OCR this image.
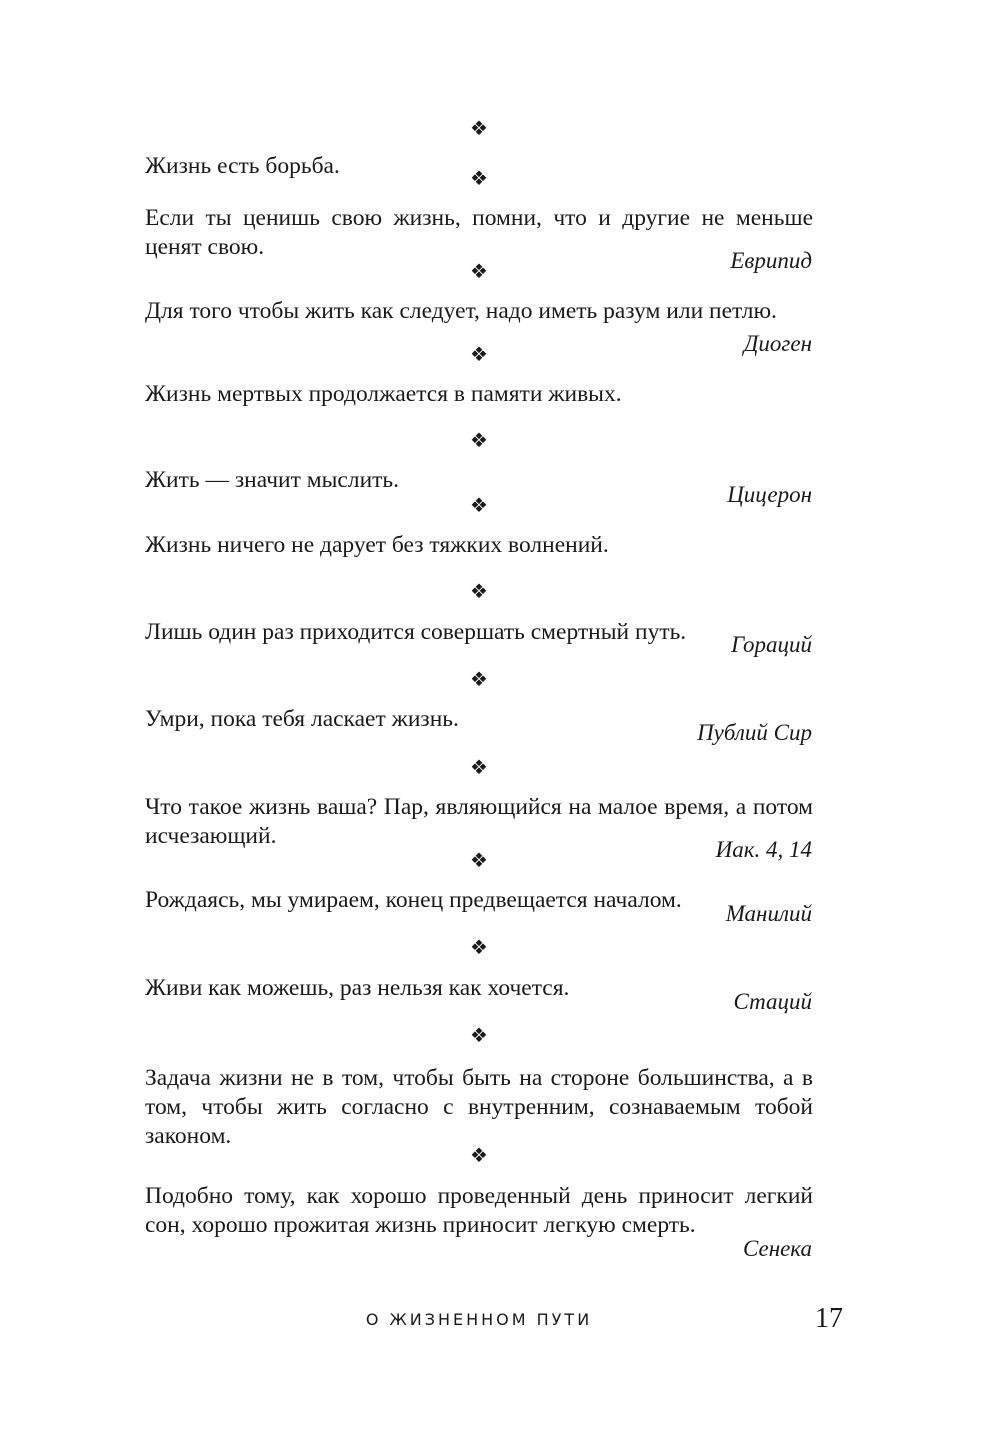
❖
❖
❖
❖
❖
❖
❖
❖
❖
❖
❖
❖
❖

Жизнь есть борьба.

Если ты ценишь свою жизнь, помни, что и другие не меньше ценят свою.

Еврипид

Для того чтобы жить как следует, надо иметь разум или петлю.

Диоген

Жизнь мертвых продолжается в памяти живых.

Жить — значит мыслить.

Цицерон

Жизнь ничего не дарует без тяжких волнений.

Лишь один раз приходится совершать смертный путь.	Гораций

Умри, пока тебя ласкает жизнь.

Публий Сир

Что такое жизнь ваша? Пар, являющийся на малое время, а потом исчезающий.

Иак. 4, 14

Рождаясь, мы умираем, конец предвещается началом.

Манилий

Живи как можешь, раз нельзя как хочется.

Стаций

Задача жизни не в том, чтобы быть на стороне большинства, а в том, чтобы жить согласно с внутренним, сознаваемым тобой законом.

Подобно тому, как хорошо проведенный день приносит легкий сон, хорошо прожитая жизнь приносит легкую смерть.

Сенека
О ЖИЗНЕННОМ ПУТИ	17
